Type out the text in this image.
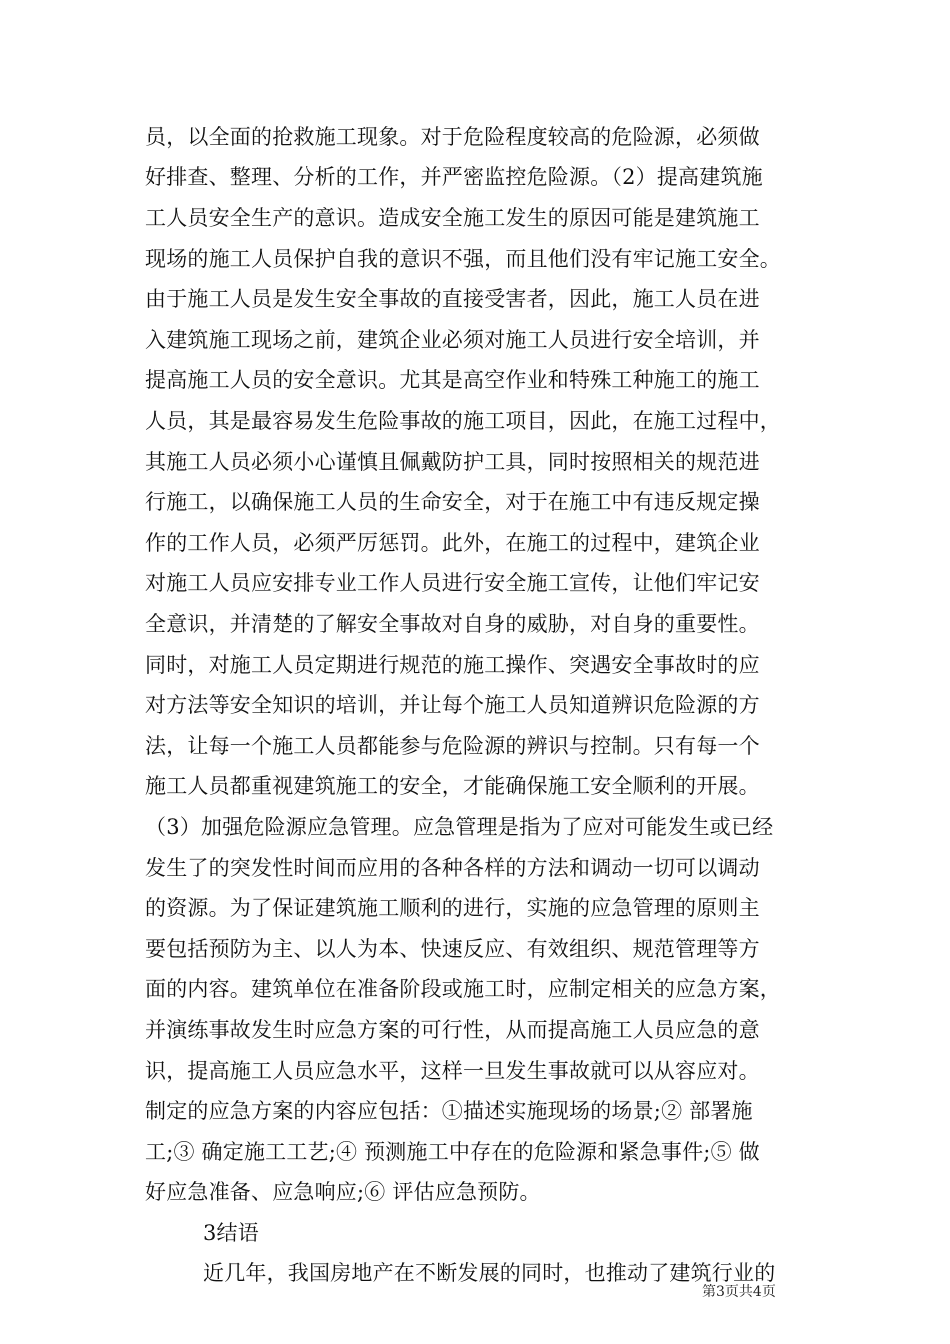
员，以全面的抢救施工现象。对于危险程度较高的危险源，必须做
好排查、整理、分析的工作，并严密监控危险源。（2）提高建筑施
工人员安全生产的意识。造成安全施工发生的原因可能是建筑施工
现场的施工人员保护自我的意识不强，而且他们没有牢记施工安全。
由于施工人员是发生安全事故的直接受害者，因此，施工人员在进
入建筑施工现场之前，建筑企业必须对施工人员进行安全培训，并
提高施工人员的安全意识。尤其是高空作业和特殊工种施工的施工
人员，其是最容易发生危险事故的施工项目，因此，在施工过程中，
其施工人员必须小心谨慎且佩戴防护工具，同时按照相关的规范进
行施工，以确保施工人员的生命安全，对于在施工中有违反规定操
作的工作人员，必须严厉惩罚。此外，在施工的过程中，建筑企业
对施工人员应安排专业工作人员进行安全施工宣传，让他们牢记安
全意识，并清楚的了解安全事故对自身的威胁，对自身的重要性。
同时，对施工人员定期进行规范的施工操作、突遇安全事故时的应
对方法等安全知识的培训，并让每个施工人员知道辨识危险源的方
法，让每一个施工人员都能参与危险源的辨识与控制。只有每一个
施工人员都重视建筑施工的安全，才能确保施工安全顺利的开展。
（3）加强危险源应急管理。应急管理是指为了应对可能发生或已经
发生了的突发性时间而应用的各种各样的方法和调动一切可以调动
的资源。为了保证建筑施工顺利的进行，实施的应急管理的原则主
要包括预防为主、以人为本、快速反应、有效组织、规范管理等方
面的内容。建筑单位在准备阶段或施工时，应制定相关的应急方案，
并演练事故发生时应急方案的可行性，从而提高施工人员应急的意
识，提高施工人员应急水平，这样一旦发生事故就可以从容应对。
制定的应急方案的内容应包括：①描述实施现场的场景;② 部署施
工;③ 确定施工工艺;④ 预测施工中存在的危险源和紧急事件;⑤ 做
好应急准备、应急响应;⑥ 评估应急预防。
3结语
近几年，我国房地产在不断发展的同时，也推动了建筑行业的
第3页共4页
